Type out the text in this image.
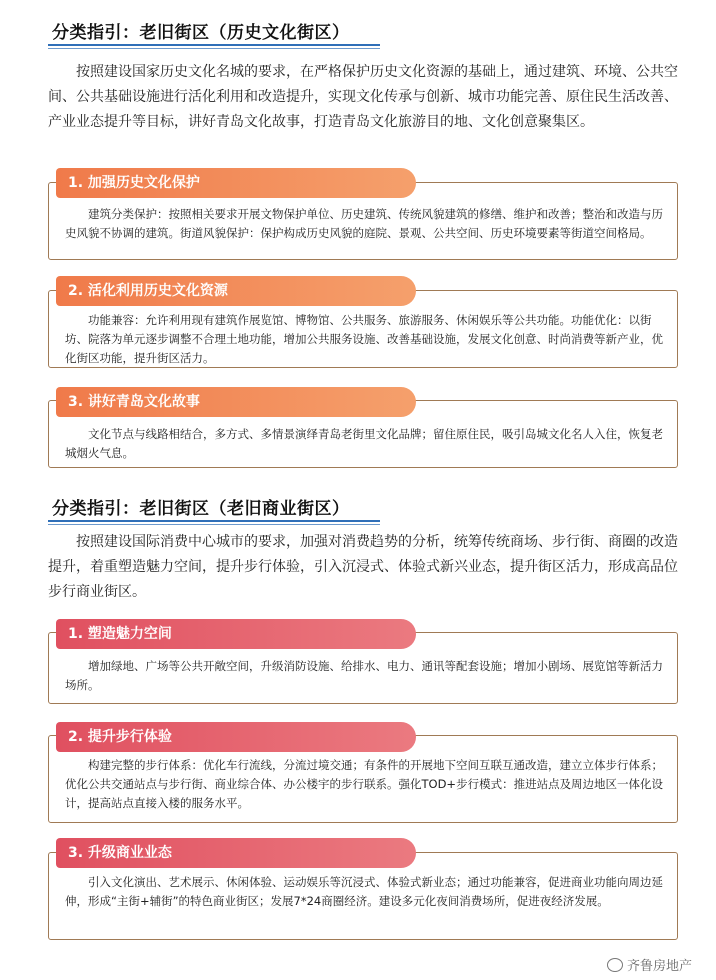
分类指引：老旧街区（历史文化街区）

按照建设国家历史文化名城的要求，在严格保护历史文化资源的基础上，通过建筑、环境、公共空间、公共基础设施进行活化利用和改造提升，实现文化传承与创新、城市功能完善、原住民生活改善、产业业态提升等目标，讲好青岛文化故事，打造青岛文化旅游目的地、文化创意聚集区。

建筑分类保护：按照相关要求开展文物保护单位、历史建筑、传统风貌建筑的修缮、维护和改善；整治和改造与历史风貌不协调的建筑。街道风貌保护：保护构成历史风貌的庭院、景观、公共空间、历史环境要素等街道空间格局。

1. 加强历史文化保护

功能兼容：允许利用现有建筑作展览馆、博物馆、公共服务、旅游服务、休闲娱乐等公共功能。功能优化：以街坊、院落为单元逐步调整不合理土地功能，增加公共服务设施、改善基础设施，发展文化创意、时尚消费等新产业，优化街区功能，提升街区活力。

2. 活化利用历史文化资源

文化节点与线路相结合，多方式、多情景演绎青岛老街里文化品牌；留住原住民，吸引岛城文化名人入住，恢复老城烟火气息。

3. 讲好青岛文化故事
分类指引：老旧街区（老旧商业街区）

按照建设国际消费中心城市的要求，加强对消费趋势的分析，统筹传统商场、步行街、商圈的改造提升，着重塑造魅力空间，提升步行体验，引入沉浸式、体验式新兴业态，提升街区活力，形成高品位步行商业街区。

增加绿地、广场等公共开敞空间，升级消防设施、给排水、电力、通讯等配套设施；增加小剧场、展览馆等新活力场所。

1. 塑造魅力空间

构建完整的步行体系：优化车行流线，分流过境交通；有条件的开展地下空间互联互通改造，建立立体步行体系；优化公共交通站点与步行街、商业综合体、办公楼宇的步行联系。强化TOD+步行模式：推进站点及周边地区一体化设计，提高站点直接入楼的服务水平。

2. 提升步行体验

引入文化演出、艺术展示、休闲体验、运动娱乐等沉浸式、体验式新业态；通过功能兼容，促进商业功能向周边延伸，形成“主街+辅街”的特色商业街区；发展7*24商圈经济。建设多元化夜间消费场所，促进夜经济发展。

3. 升级商业业态
齐鲁房地产
